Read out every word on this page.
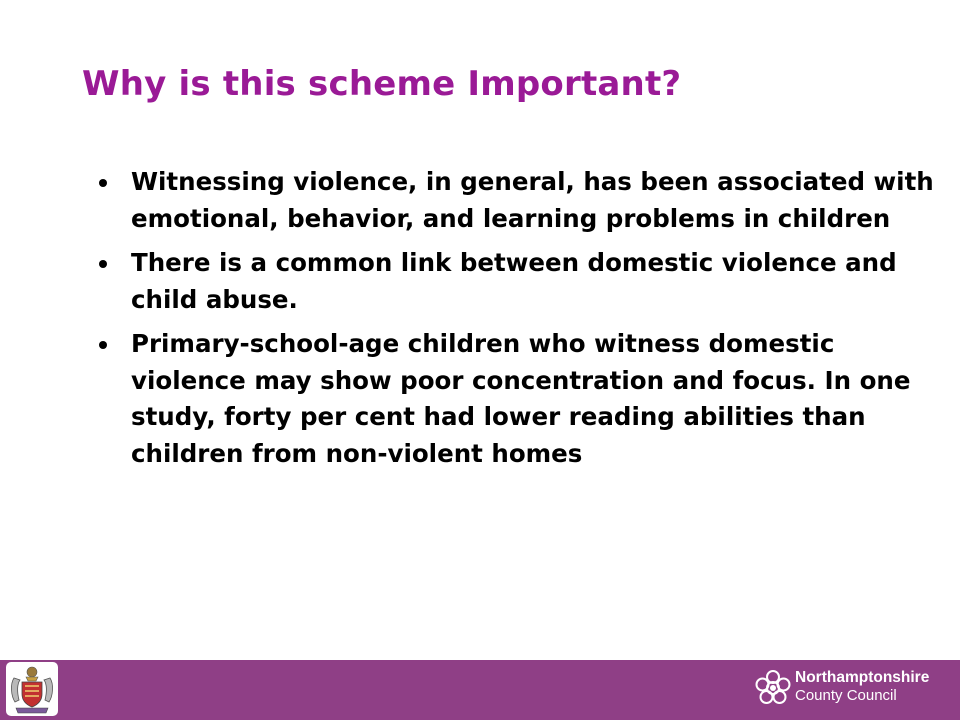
Why is this scheme Important?
Witnessing violence, in general, has been associated with emotional, behavior, and learning problems in children
There is a common link between domestic violence and child abuse.
Primary-school-age children who witness domestic violence may show poor concentration and focus. In one study, forty per cent had lower reading abilities than children from non-violent homes
Northamptonshire
County Council
